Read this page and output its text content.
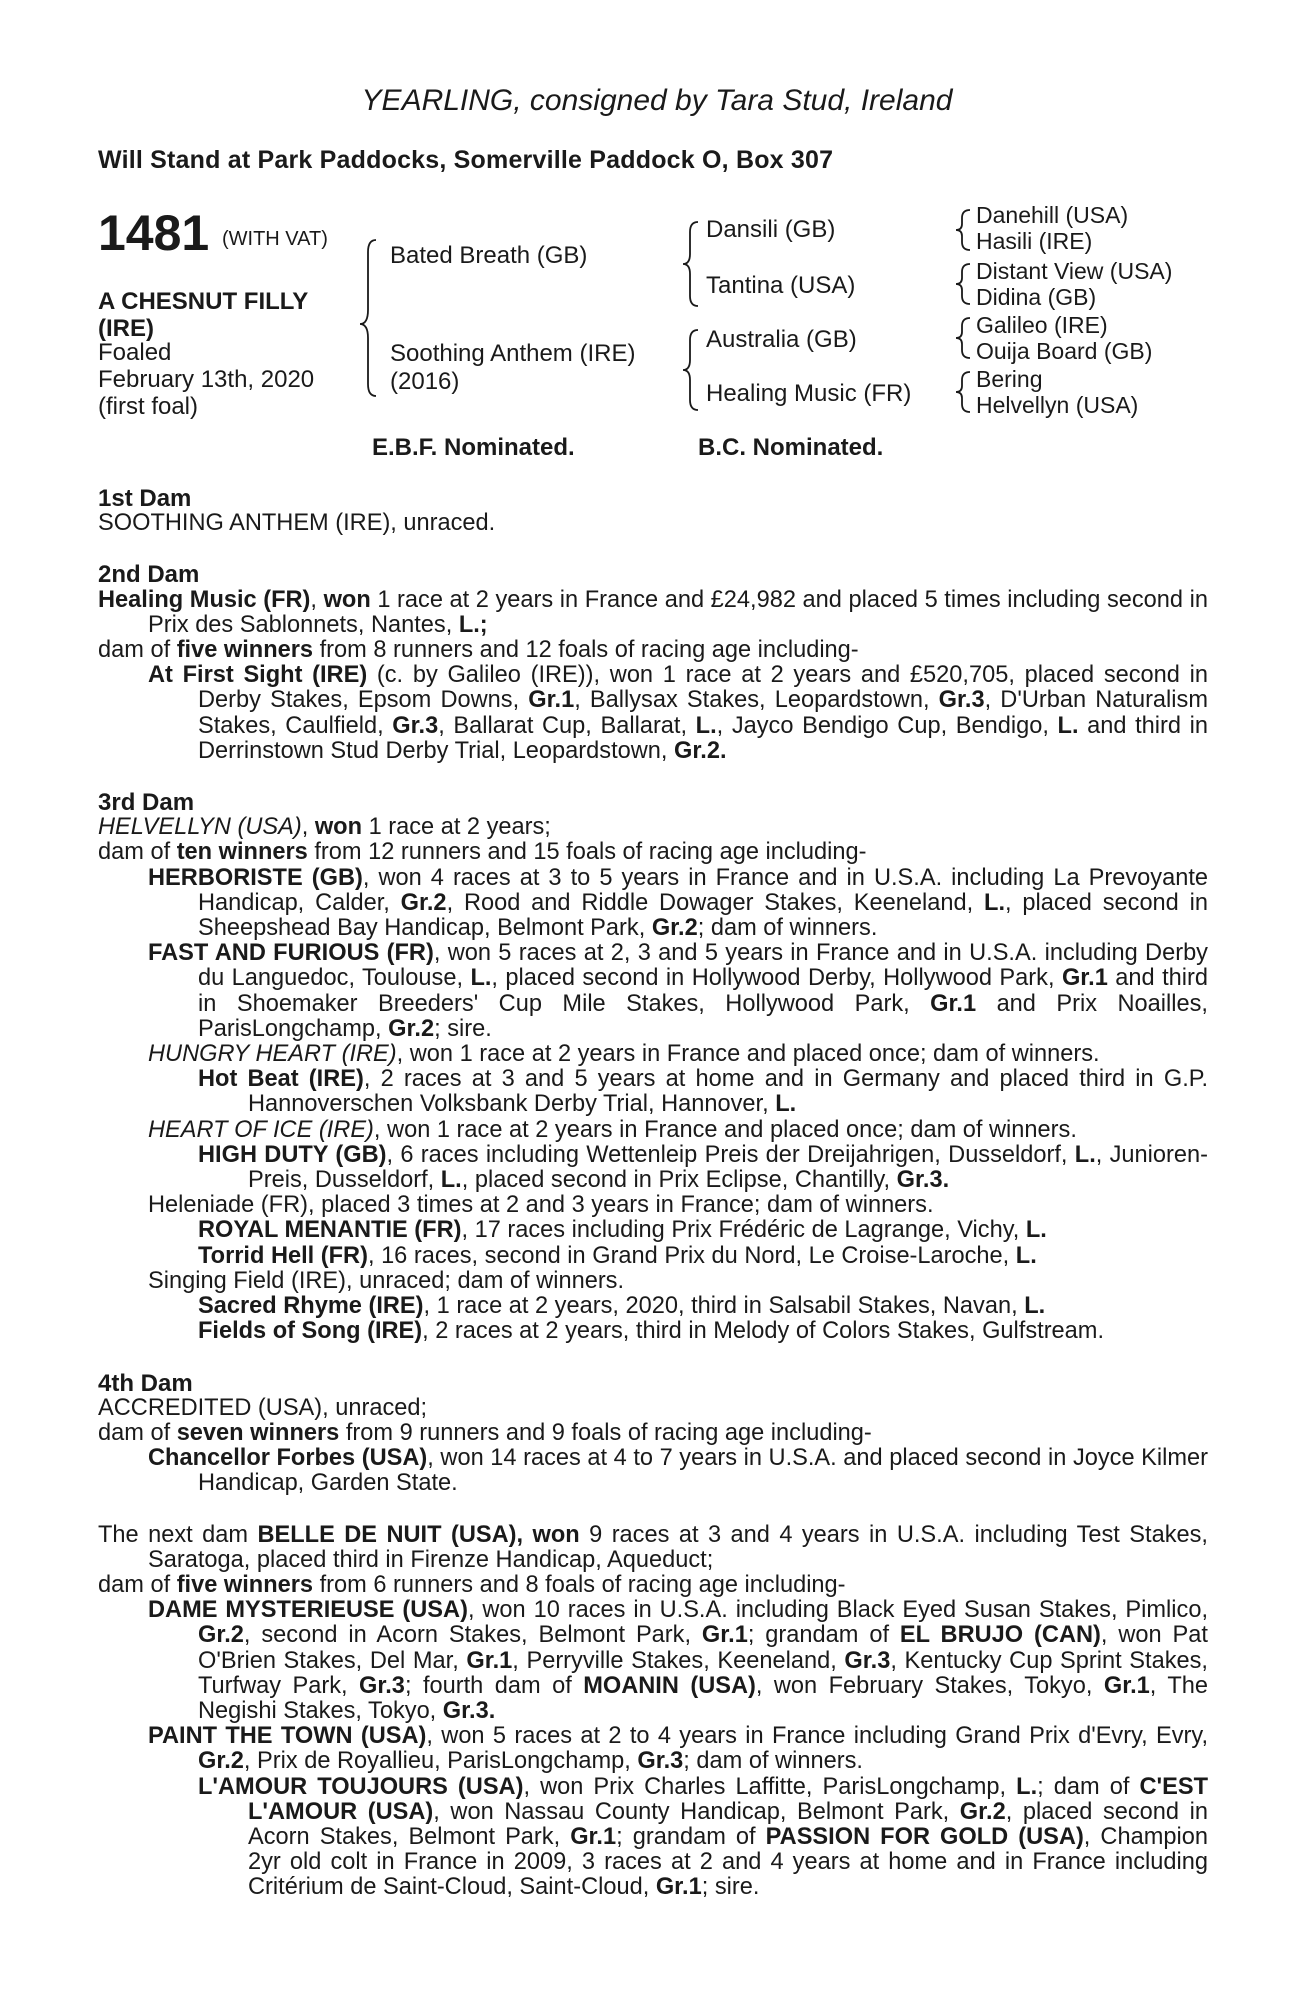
YEARLING, consigned by Tara Stud, Ireland
Will Stand at Park Paddocks, Somerville Paddock O, Box 307
1481 (WITH VAT)
A CHESNUT FILLY
(IRE)
Foaled
February 13th, 2020
(first foal)
Bated Breath (GB)
Soothing Anthem (IRE)
(2016)
Dansili (GB)
Tantina (USA)
Australia (GB)
Healing Music (FR)
Danehill (USA)
Hasili (IRE)
Distant View (USA)
Didina (GB)
Galileo (IRE)
Ouija Board (GB)
Bering
Helvellyn (USA)
E.B.F. Nominated.	B.C. Nominated.
1st Dam
SOOTHING ANTHEM (IRE), unraced.
2nd Dam
Healing Music (FR), won 1 race at 2 years in France and £24,982 and placed 5 times including second in Prix des Sablonnets, Nantes, L.;
dam of five winners from 8 runners and 12 foals of racing age including-
At First Sight (IRE) (c. by Galileo (IRE)), won 1 race at 2 years and £520,705, placed second in Derby Stakes, Epsom Downs, Gr.1, Ballysax Stakes, Leopardstown, Gr.3, D'Urban Naturalism Stakes, Caulfield, Gr.3, Ballarat Cup, Ballarat, L., Jayco Bendigo Cup, Bendigo, L. and third in Derrinstown Stud Derby Trial, Leopardstown, Gr.2.
3rd Dam
HELVELLYN (USA), won 1 race at 2 years;
dam of ten winners from 12 runners and 15 foals of racing age including-
HERBORISTE (GB), won 4 races at 3 to 5 years in France and in U.S.A. including La Prevoyante Handicap, Calder, Gr.2, Rood and Riddle Dowager Stakes, Keeneland, L., placed second in Sheepshead Bay Handicap, Belmont Park, Gr.2; dam of winners.
FAST AND FURIOUS (FR), won 5 races at 2, 3 and 5 years in France and in U.S.A. including Derby du Languedoc, Toulouse, L., placed second in Hollywood Derby, Hollywood Park, Gr.1 and third in Shoemaker Breeders' Cup Mile Stakes, Hollywood Park, Gr.1 and Prix Noailles, ParisLongchamp, Gr.2; sire.
HUNGRY HEART (IRE), won 1 race at 2 years in France and placed once; dam of winners.
Hot Beat (IRE), 2 races at 3 and 5 years at home and in Germany and placed third in G.P. Hannoverschen Volksbank Derby Trial, Hannover, L.
HEART OF ICE (IRE), won 1 race at 2 years in France and placed once; dam of winners.
HIGH DUTY (GB), 6 races including Wettenleip Preis der Dreijahrigen, Dusseldorf, L., Junioren-Preis, Dusseldorf, L., placed second in Prix Eclipse, Chantilly, Gr.3.
Heleniade (FR), placed 3 times at 2 and 3 years in France; dam of winners.
ROYAL MENANTIE (FR), 17 races including Prix Frédéric de Lagrange, Vichy, L.
Torrid Hell (FR), 16 races, second in Grand Prix du Nord, Le Croise-Laroche, L.
Singing Field (IRE), unraced; dam of winners.
Sacred Rhyme (IRE), 1 race at 2 years, 2020, third in Salsabil Stakes, Navan, L.
Fields of Song (IRE), 2 races at 2 years, third in Melody of Colors Stakes, Gulfstream.
4th Dam
ACCREDITED (USA), unraced;
dam of seven winners from 9 runners and 9 foals of racing age including-
Chancellor Forbes (USA), won 14 races at 4 to 7 years in U.S.A. and placed second in Joyce Kilmer Handicap, Garden State.
The next dam BELLE DE NUIT (USA), won 9 races at 3 and 4 years in U.S.A. including Test Stakes, Saratoga, placed third in Firenze Handicap, Aqueduct;
dam of five winners from 6 runners and 8 foals of racing age including-
DAME MYSTERIEUSE (USA), won 10 races in U.S.A. including Black Eyed Susan Stakes, Pimlico, Gr.2, second in Acorn Stakes, Belmont Park, Gr.1; grandam of EL BRUJO (CAN), won Pat O'Brien Stakes, Del Mar, Gr.1, Perryville Stakes, Keeneland, Gr.3, Kentucky Cup Sprint Stakes, Turfway Park, Gr.3; fourth dam of MOANIN (USA), won February Stakes, Tokyo, Gr.1, The Negishi Stakes, Tokyo, Gr.3.
PAINT THE TOWN (USA), won 5 races at 2 to 4 years in France including Grand Prix d'Evry, Evry, Gr.2, Prix de Royallieu, ParisLongchamp, Gr.3; dam of winners.
L'AMOUR TOUJOURS (USA), won Prix Charles Laffitte, ParisLongchamp, L.; dam of C'EST L'AMOUR (USA), won Nassau County Handicap, Belmont Park, Gr.2, placed second in Acorn Stakes, Belmont Park, Gr.1; grandam of PASSION FOR GOLD (USA), Champion 2yr old colt in France in 2009, 3 races at 2 and 4 years at home and in France including Critérium de Saint-Cloud, Saint-Cloud, Gr.1; sire.
